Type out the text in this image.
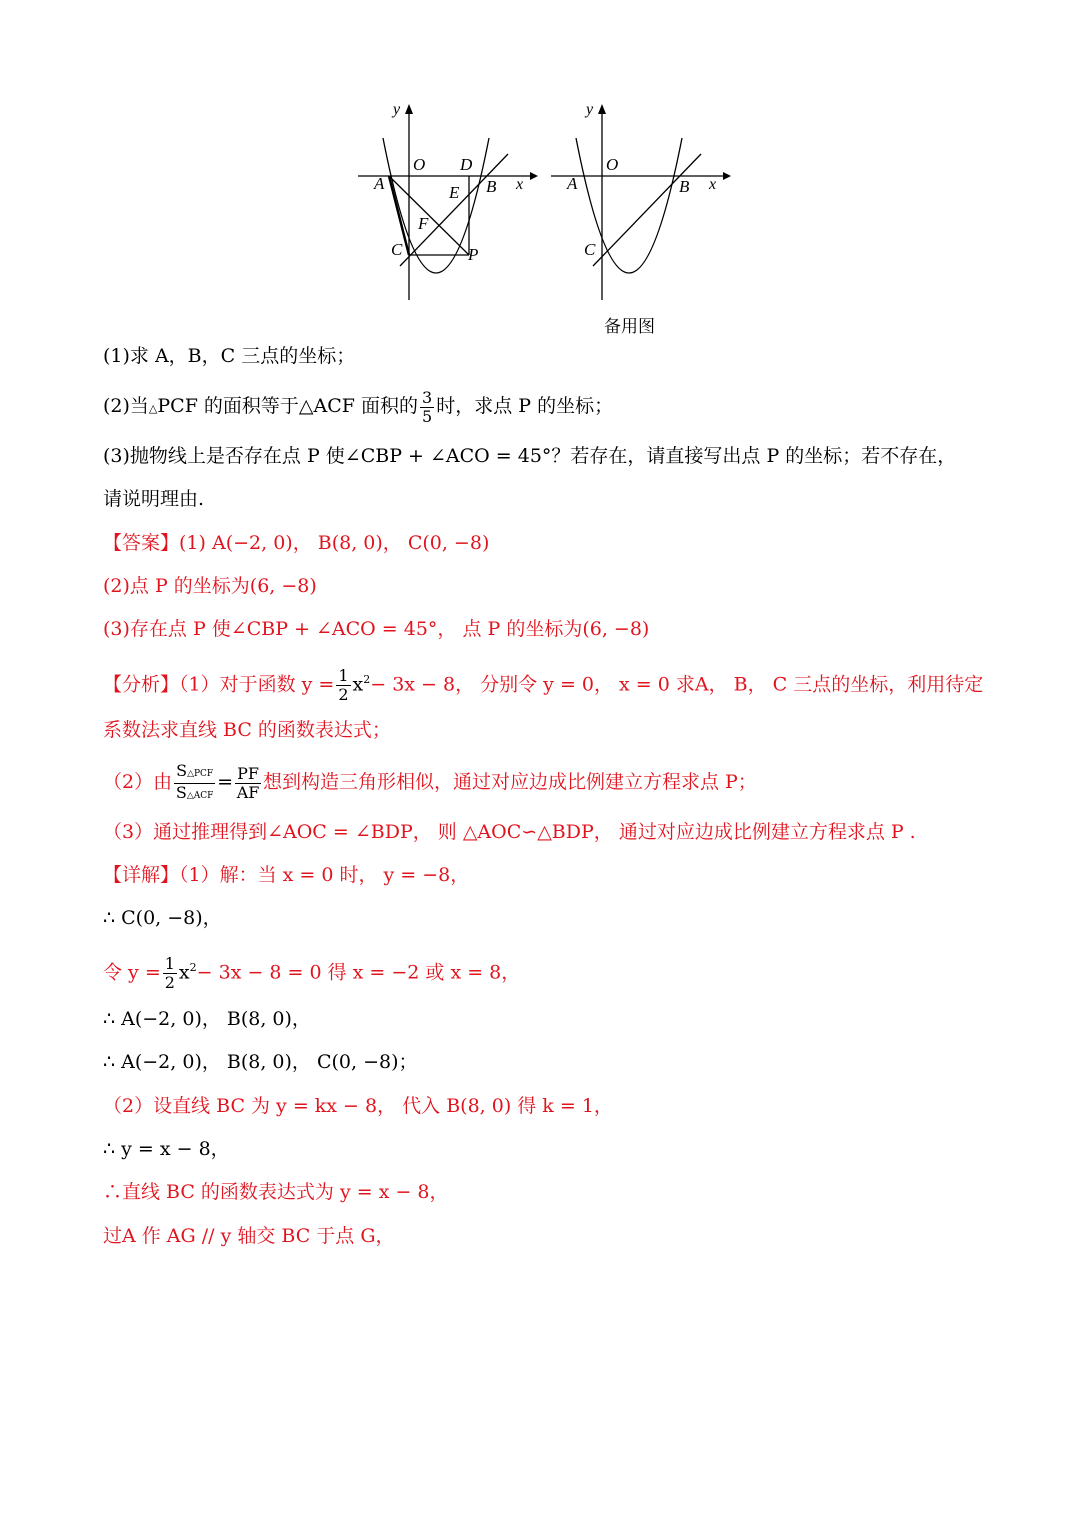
y
x
O D
A	E B
F
C	P
y
x
O
A	B
C
备用图
(1)求 A，B，C 三点的坐标；
(2)当△PCF 的面积等于△ACF 面积的 $\frac{3}{5}$ 时，求点 P 的坐标；
(3)抛物线上是否存在点 P 使∠CBP + ∠ACO = 45°？若存在，请直接写出点 P 的坐标；若不存在，
请说明理由.
【答案】(1) A(−2, 0)， B(8, 0)， C(0, −8)
(2)点 P 的坐标为(6, −8)
(3)存在点 P 使∠CBP + ∠ACO = 45°， 点 P 的坐标为(6, −8)
【分析】（1）对于函数 $y = \frac{1}{2} x^2- 3x - 8$， 分别令 y = 0， x = 0 求A， B， C 三点的坐标，利用待定
系数法求直线 BC 的函数表达式；
（2）由 $\frac{\text{S△PCF}}{\text{S△ACF}} = \frac{PF}{AF}$ 想到构造三角形相似，通过对应边成比例建立方程求点 P；
（3）通过推理得到∠AOC = ∠BDP， 则 △AOC∽△BDP， 通过对应边成比例建立方程求点 P .
【详解】（1）解：当 x = 0 时， y = −8，
∴ C(0, −8)，
令 $y = \frac{1}{2} x^2- 3x - 8 = 0$ 得 x = −2 或 x = 8，
∴ A(−2, 0)， B(8, 0)，
∴ A(−2, 0)， B(8, 0)， C(0, −8)；
（2）设直线 BC 为 y = kx − 8， 代入 B(8, 0) 得 k = 1，
∴ y = x − 8，
∴直线 BC 的函数表达式为 y = x − 8，
过A 作 AG // y 轴交 BC 于点 G，
